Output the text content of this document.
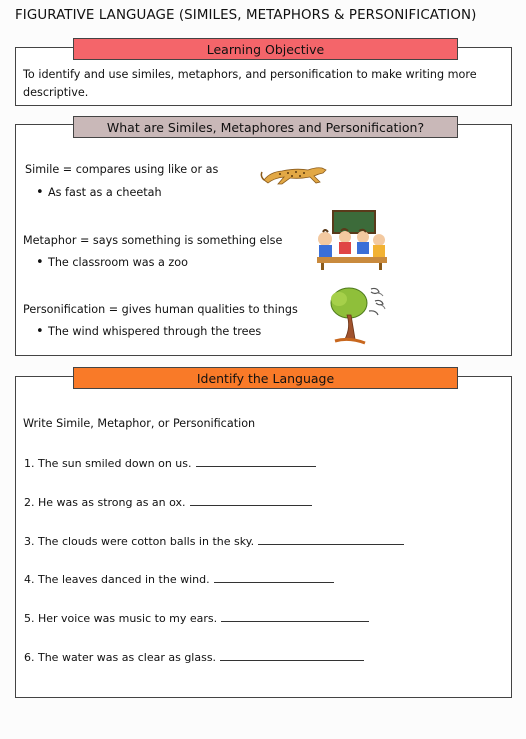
FIGURATIVE LANGUAGE (SIMILES, METAPHORS & PERSONIFICATION)
Learning Objective
To identify and use similes, metaphors, and personification to make writing more descriptive.
What are Similes, Metaphores and Personification?
Simile = compares using like or as
• As fast as a cheetah
Metaphor = says something is something else
• The classroom was a zoo
Personification = gives human qualities to things
• The wind whispered through the trees
Identify the Language
Write Simile, Metaphor, or Personification
1. The sun smiled down on us.
2. He was as strong as an ox.
3. The clouds were cotton balls in the sky.
4. The leaves danced in the wind.
5. Her voice was music to my ears.
6. The water was as clear as glass.
